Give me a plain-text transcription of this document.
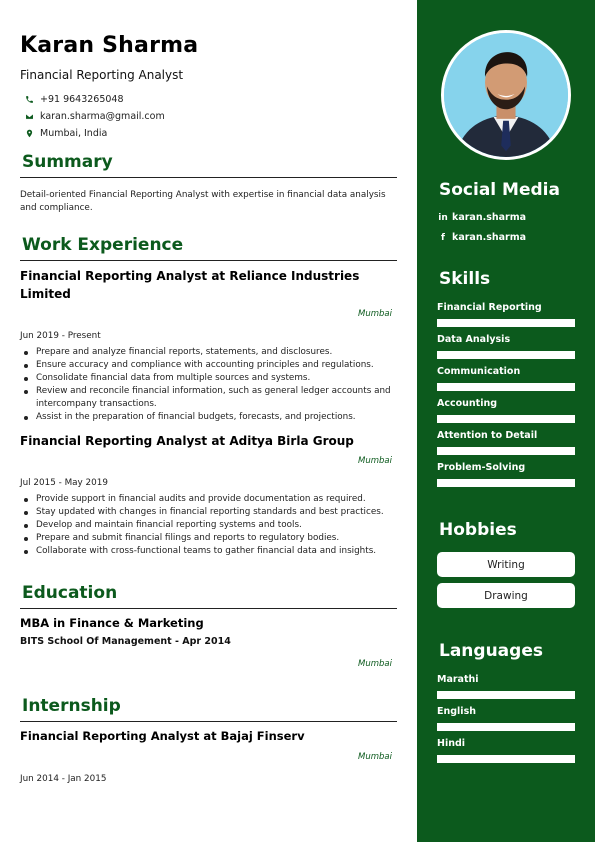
Karan Sharma
Financial Reporting Analyst
+91 9643265048
karan.sharma@gmail.com
Mumbai, India
Summary
Detail-oriented Financial Reporting Analyst with expertise in financial data analysis and compliance.
Work Experience
Financial Reporting Analyst at Reliance Industries Limited
Mumbai
Jun 2019 - Present
Prepare and analyze financial reports, statements, and disclosures.
Ensure accuracy and compliance with accounting principles and regulations.
Consolidate financial data from multiple sources and systems.
Review and reconcile financial information, such as general ledger accounts and intercompany transactions.
Assist in the preparation of financial budgets, forecasts, and projections.
Financial Reporting Analyst at Aditya Birla Group
Mumbai
Jul 2015 - May 2019
Provide support in financial audits and provide documentation as required.
Stay updated with changes in financial reporting standards and best practices.
Develop and maintain financial reporting systems and tools.
Prepare and submit financial filings and reports to regulatory bodies.
Collaborate with cross-functional teams to gather financial data and insights.
Education
MBA in Finance & Marketing
BITS School Of Management - Apr 2014
Mumbai
Internship
Financial Reporting Analyst at Bajaj Finserv
Mumbai
Jun 2014 - Jan 2015
Social Media
in karan.sharma
f karan.sharma
Skills
Financial Reporting
Data Analysis
Communication
Accounting
Attention to Detail
Problem-Solving
Hobbies
Writing
Drawing
Languages
Marathi
English
Hindi
